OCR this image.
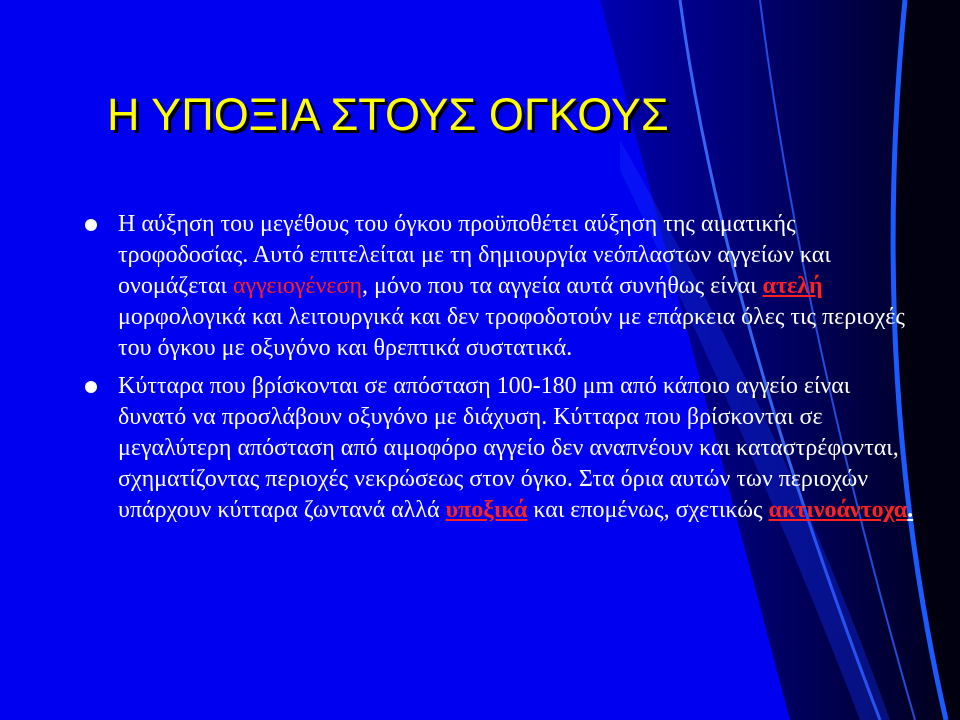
Η ΥΠΟΞΙΑ ΣΤΟΥΣ ΟΓΚΟΥΣ

Η αύξηση του μεγέθους του όγκου προϋποθέτει αύξηση της αιματικής τροφοδοσίας. Αυτό επιτελείται με τη δημιουργία νεόπλαστων αγγείων και ονομάζεται αγγειογένεση, μόνο που τα αγγεία αυτά συνήθως είναι ατελή μορφολογικά και λειτουργικά και δεν τροφοδοτούν με επάρκεια όλες τις περιοχές του όγκου με οξυγόνο και θρεπτικά συστατικά.

Κύτταρα που βρίσκονται σε απόσταση 100-180 μm από κάποιο αγγείο είναι δυνατό να προσλάβουν οξυγόνο με διάχυση. Κύτταρα που βρίσκονται σε μεγαλύτερη απόσταση από αιμοφόρο αγγείο δεν αναπνέουν και καταστρέφονται, σχηματίζοντας περιοχές νεκρώσεως στον όγκο. Στα όρια αυτών των περιοχών υπάρχουν κύτταρα ζωντανά αλλά υποξικά και επομένως, σχετικώς ακτινοάντοχα.
